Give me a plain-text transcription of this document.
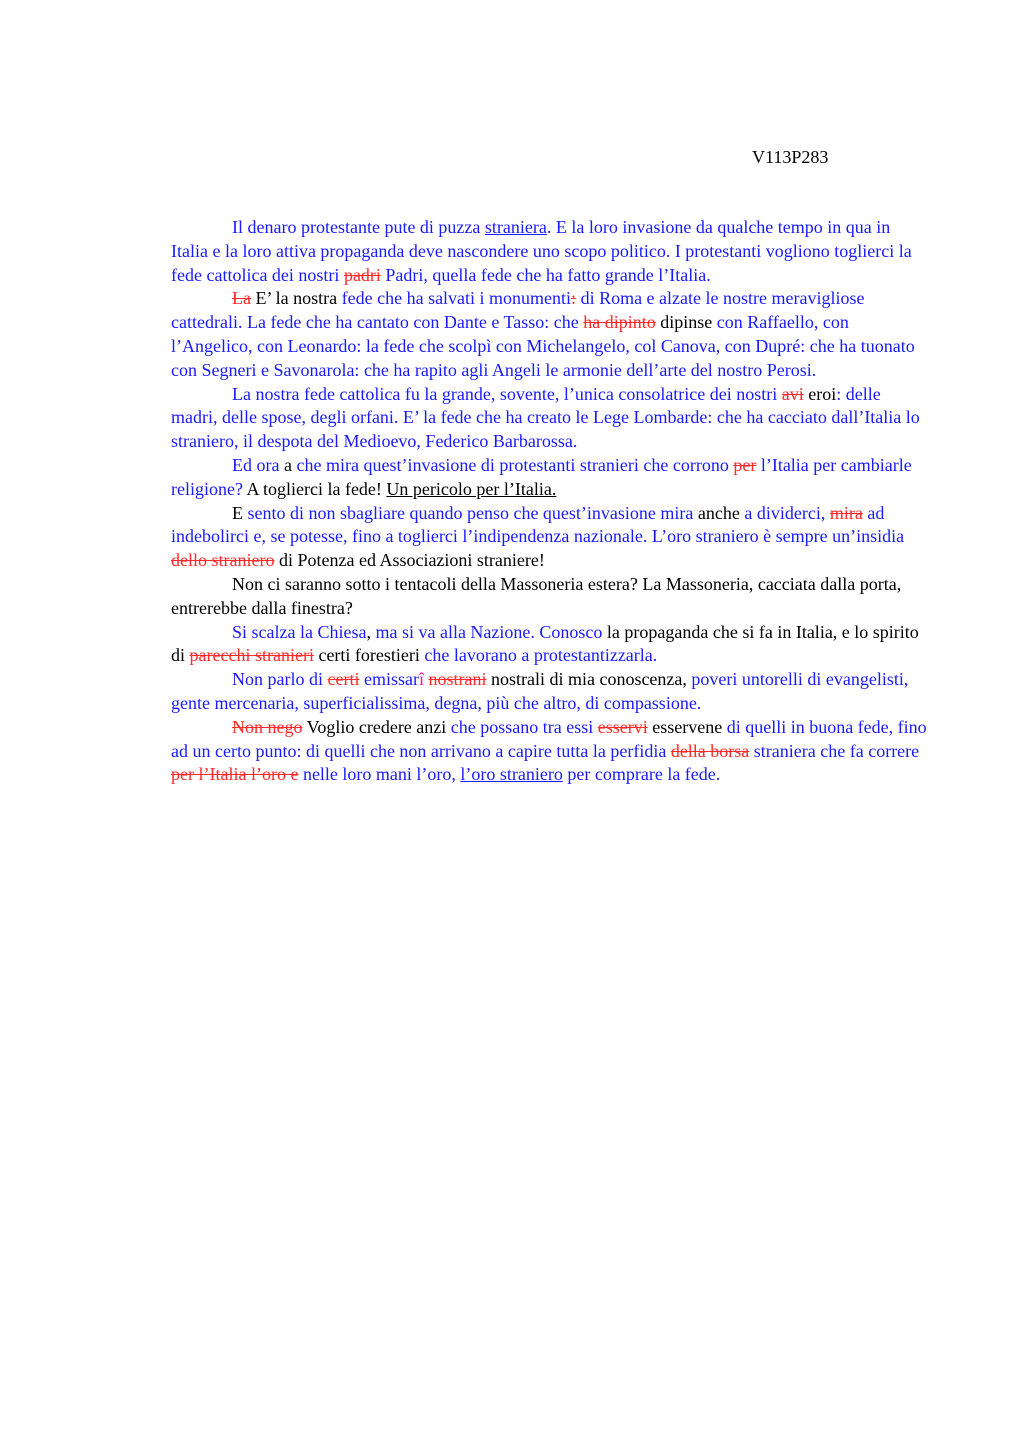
V113P283

Il denaro protestante pute di puzza straniera. E la loro invasione da qualche tempo in qua in Italia e la loro attiva propaganda deve nascondere uno scopo politico. I protestanti vogliono toglierci la fede cattolica dei nostri padri Padri, quella fede che ha fatto grande l’Italia.

La E’ la nostra fede che ha salvati i monumenti: di Roma e alzate le nostre meravigliose cattedrali. La fede che ha cantato con Dante e Tasso: che ha dipinto dipinse con Raffaello, con l’Angelico, con Leonardo: la fede che scolpì con Michelangelo, col Canova, con Dupré: che ha tuonato con Segneri e Savonarola: che ha rapito agli Angeli le armonie dell’arte del nostro Perosi.

La nostra fede cattolica fu la grande, sovente, l’unica consolatrice dei nostri avi eroi: delle madri, delle spose, degli orfani. E’ la fede che ha creato le Lege Lombarde: che ha cacciato dall’Italia lo straniero, il despota del Medioevo, Federico Barbarossa.

Ed ora a che mira quest’invasione di protestanti stranieri che corrono per l’Italia per cambiarle religione? A toglierci la fede! Un pericolo per l’Italia.

E sento di non sbagliare quando penso che quest’invasione mira anche a dividerci, mira ad indebolirci e, se potesse, fino a toglierci l’indipendenza nazionale. L’oro straniero è sempre un’insidia dello straniero di Potenza ed Associazioni straniere!

Non ci saranno sotto i tentacoli della Massoneria estera? La Massoneria, cacciata dalla porta, entrerebbe dalla finestra?

Si scalza la Chiesa, ma si va alla Nazione. Conosco la propaganda che si fa in Italia, e lo spirito di parecchi stranieri certi forestieri che lavorano a protestantizzarla.

Non parlo di certi emissarî nostrani nostrali di mia conoscenza, poveri untorelli di evangelisti, gente mercenaria, superficialissima, degna, più che altro, di compassione.

Non nego Voglio credere anzi che possano tra essi esservi esservene di quelli in buona fede, fino ad un certo punto: di quelli che non arrivano a capire tutta la perfidia della borsa straniera che fa correre per l’Italia l’oro e nelle loro mani l’oro, l’oro straniero per comprare la fede.
